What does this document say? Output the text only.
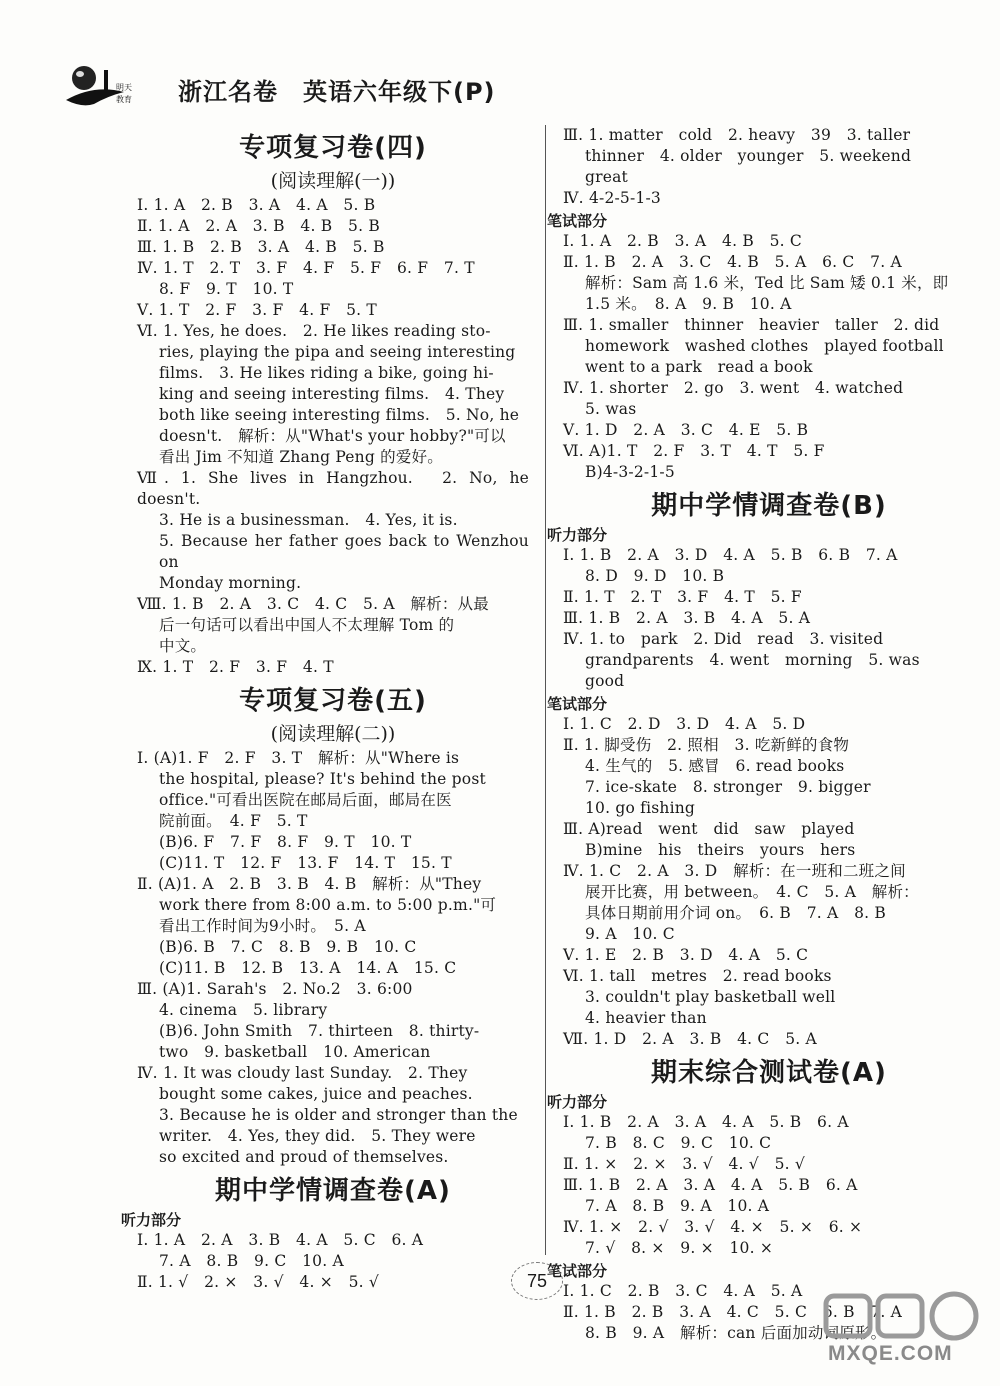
明天
教育 浙江名卷　英语六年级下(P)
专项复习卷(四)
(阅读理解(一))
Ⅰ. 1. A　2. B　3. A　4. A　5. B
Ⅱ. 1. A　2. A　3. B　4. B　5. B
Ⅲ. 1. B　2. B　3. A　4. B　5. B
Ⅳ. 1. T　2. T　3. F　4. F　5. F　6. F　7. T
8. F　9. T　10. T
Ⅴ. 1. T　2. F　3. F　4. F　5. T
Ⅵ. 1. Yes, he does.　2. He likes reading sto-
ries, playing the pipa and seeing interesting
films.　3. He likes riding a bike, going hi-
king and seeing interesting films.　4. They
both like seeing interesting films.　5. No, he
doesn't.　解析：从"What's your hobby?"可以
看出 Jim 不知道 Zhang Peng 的爱好。
Ⅶ. 1. She lives in Hangzhou.　2. No, he doesn't.
3. He is a businessman.　4. Yes, it is.
5. Because her father goes back to Wenzhou on
Monday morning.
Ⅷ. 1. B　2. A　3. C　4. C　5. A　解析：从最
后一句话可以看出中国人不太理解 Tom 的
中文。
Ⅸ. 1. T　2. F　3. F　4. T
专项复习卷(五)
(阅读理解(二))
Ⅰ. (A)1. F　2. F　3. T　解析：从"Where is
the hospital, please? It's behind the post
office."可看出医院在邮局后面，邮局在医
院前面。　4. F　5. T
(B)6. F　7. F　8. F　9. T　10. T
(C)11. T　12. F　13. F　14. T　15. T
Ⅱ. (A)1. A　2. B　3. B　4. B　解析：从"They
work there from 8:00 a.m. to 5:00 p.m."可
看出工作时间为9小时。　5. A
(B)6. B　7. C　8. B　9. B　10. C
(C)11. B　12. B　13. A　14. A　15. C
Ⅲ. (A)1. Sarah's　2. No.2　3. 6:00
4. cinema　5. library
(B)6. John Smith　7. thirteen　8. thirty-
two　9. basketball　10. American
Ⅳ. 1. It was cloudy last Sunday.　2. They
bought some cakes, juice and peaches.
3. Because he is older and stronger than the
writer.　4. Yes, they did.　5. They were
so excited and proud of themselves.
期中学情调查卷(A)
听力部分
Ⅰ. 1. A　2. A　3. B　4. A　5. C　6. A
7. A　8. B　9. C　10. A
Ⅱ. 1. √　2. ×　3. √　4. ×　5. √
Ⅲ. 1. matter　cold　2. heavy　39　3. taller
thinner　4. older　younger　5. weekend
great
Ⅳ. 4-2-5-1-3
笔试部分
Ⅰ. 1. A　2. B　3. A　4. B　5. C
Ⅱ. 1. B　2. A　3. C　4. B　5. A　6. C　7. A
解析：Sam 高 1.6 米，Ted 比 Sam 矮 0.1 米，即
1.5 米。　8. A　9. B　10. A
Ⅲ. 1. smaller　thinner　heavier　taller　2. did
homework　washed clothes　played football
went to a park　read a book
Ⅳ. 1. shorter　2. go　3. went　4. watched
5. was
Ⅴ. 1. D　2. A　3. C　4. E　5. B
Ⅵ. A)1. T　2. F　3. T　4. T　5. F
B)4-3-2-1-5
期中学情调查卷(B)
听力部分
Ⅰ. 1. B　2. A　3. D　4. A　5. B　6. B　7. A
8. D　9. D　10. B
Ⅱ. 1. T　2. T　3. F　4. T　5. F
Ⅲ. 1. B　2. A　3. B　4. A　5. A
Ⅳ. 1. to　park　2. Did　read　3. visited
grandparents　4. went　morning　5. was
good
笔试部分
Ⅰ. 1. C　2. D　3. D　4. A　5. D
Ⅱ. 1. 脚受伤　2. 照相　3. 吃新鲜的食物
4. 生气的　5. 感冒　6. read books
7. ice-skate　8. stronger　9. bigger
10. go fishing
Ⅲ. A)read　went　did　saw　played
B)mine　his　theirs　yours　hers
Ⅳ. 1. C　2. A　3. D　解析：在一班和二班之间
展开比赛，用 between。　4. C　5. A　解析：
具体日期前用介词 on。　6. B　7. A　8. B
9. A　10. C
Ⅴ. 1. E　2. B　3. D　4. A　5. C
Ⅵ. 1. tall　metres　2. read books
3. couldn't play basketball well
4. heavier than
Ⅶ. 1. D　2. A　3. B　4. C　5. A
期末综合测试卷(A)
听力部分
Ⅰ. 1. B　2. A　3. A　4. A　5. B　6. A
7. B　8. C　9. C　10. C
Ⅱ. 1. ×　2. ×　3. √　4. √　5. √
Ⅲ. 1. B　2. A　3. A　4. A　5. B　6. A
7. A　8. B　9. A　10. A
Ⅳ. 1. ×　2. √　3. √　4. ×　5. ×　6. ×
7. √　8. ×　9. ×　10. ×
笔试部分
Ⅰ. 1. C　2. B　3. C　4. A　5. A
Ⅱ. 1. B　2. B　3. A　4. C　5. C　6. B　7. A
8. B　9. A　解析：can 后面加动词原形。
75
MXQE.COM
